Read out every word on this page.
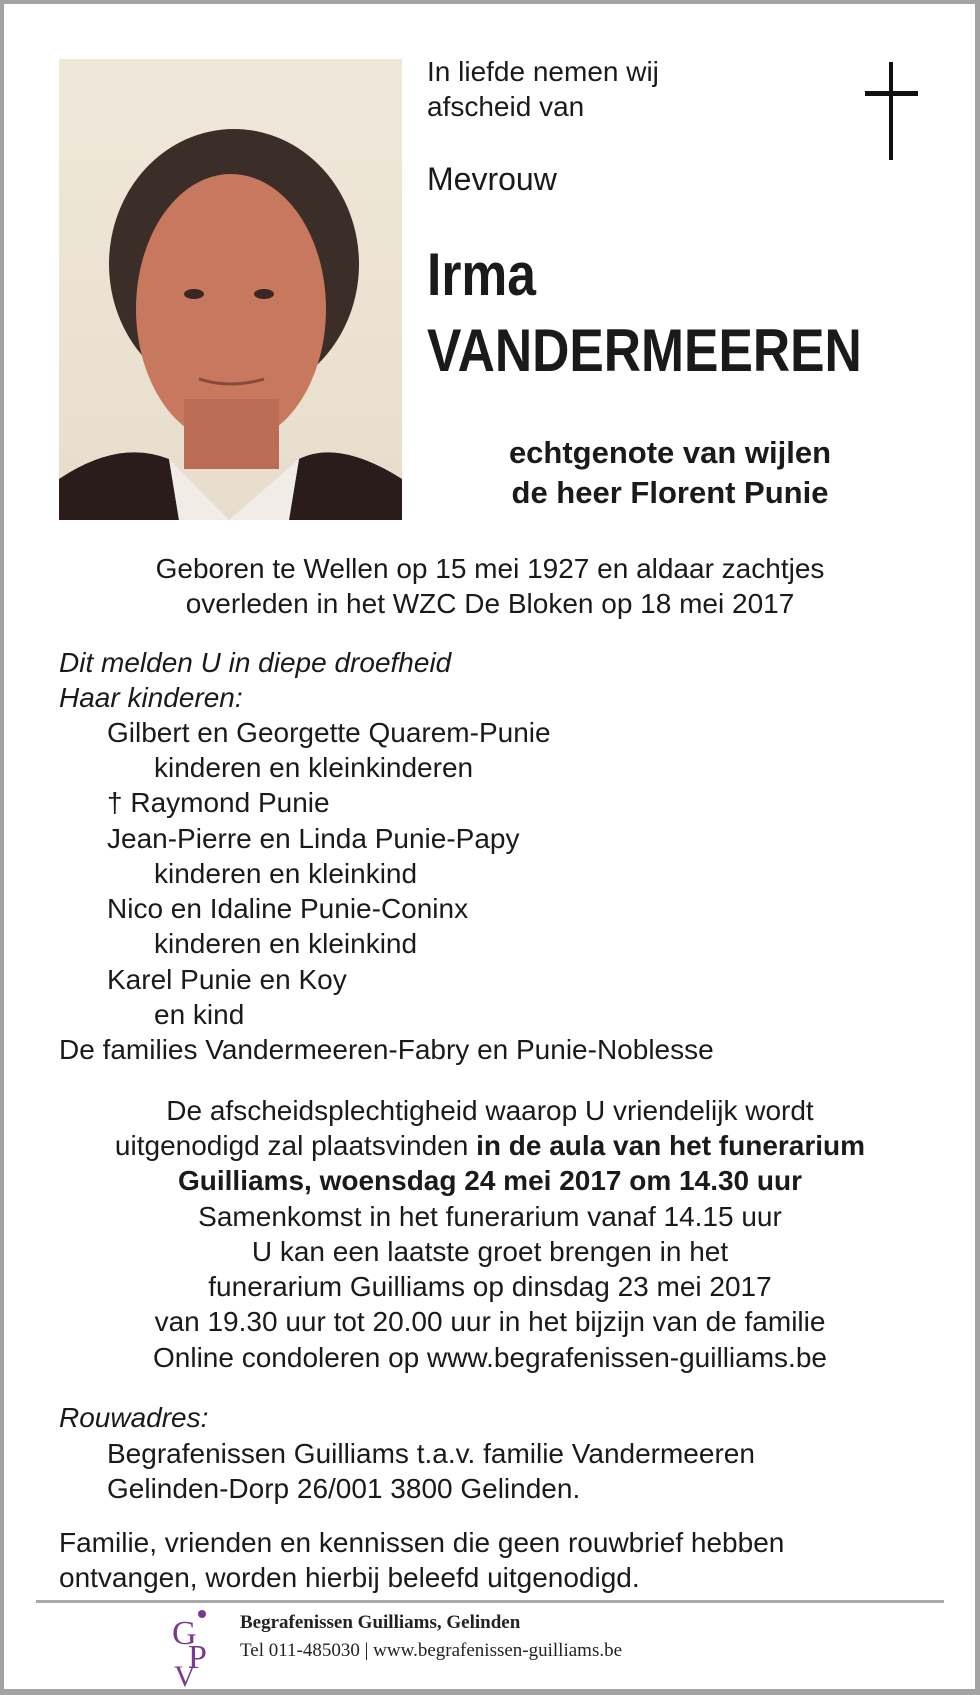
In liefde nemen wij
afscheid van
Mevrouw
Irma
VANDERMEEREN
echtgenote van wijlen
de heer Florent Punie
Geboren te Wellen op 15 mei 1927 en aldaar zachtjes
overleden in het WZC De Bloken op 18 mei 2017
Dit melden U in diepe droefheid
Haar kinderen:
Gilbert en Georgette Quarem-Punie
kinderen en kleinkinderen
† Raymond Punie
Jean-Pierre en Linda Punie-Papy
kinderen en kleinkind
Nico en Idaline Punie-Coninx
kinderen en kleinkind
Karel Punie en Koy
en kind
De families Vandermeeren-Fabry en Punie-Noblesse
De afscheidsplechtigheid waarop U vriendelijk wordt
uitgenodigd zal plaatsvinden in de aula van het funerarium
Guilliams, woensdag 24 mei 2017 om 14.30 uur
Samenkomst in het funerarium vanaf 14.15 uur
U kan een laatste groet brengen in het
funerarium Guilliams op dinsdag 23 mei 2017
van 19.30 uur tot 20.00 uur in het bijzijn van de familie
Online condoleren op www.begrafenissen-guilliams.be
Rouwadres:
Begrafenissen Guilliams t.a.v. familie Vandermeeren
Gelinden-Dorp 26/001 3800 Gelinden.
Familie, vrienden en kennissen die geen rouwbrief hebben
ontvangen, worden hierbij beleefd uitgenodigd.
G
P
V
Begrafenissen Guilliams, Gelinden
Tel 011-485030 | www.begrafenissen-guilliams.be
